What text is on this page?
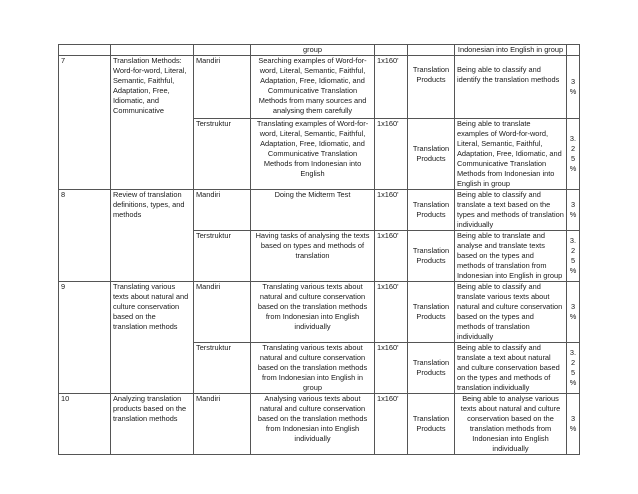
			group			Indonesian into English in group	
7	Translation Methods: Word-for-word, Literal, Semantic, Faithful, Adaptation, Free, Idiomatic, and Communicative	Mandiri	Searching examples of Word-for-word, Literal, Semantic, Faithful, Adaptation, Free, Idiomatic, and Communicative Translation Methods from many sources and analysing them carefully	1x160'	Translation Products	Being able to classify and identify the translation methods	3%
		Terstruktur	Translating examples of Word-for-word, Literal, Semantic, Faithful, Adaptation, Free, Idiomatic, and Communicative Translation Methods from Indonesian into English	1x160'	Translation Products	Being able to translate examples of Word-for-word, Literal, Semantic, Faithful, Adaptation, Free, Idiomatic, and Communicative Translation Methods from Indonesian into English in group	3.25%
8	Review of translation definitions, types, and methods	Mandiri	Doing the Midterm Test	1x160'	Translation Products	Being able to classify and translate a text based on the types and methods of translation individually	3%
		Terstruktur	Having tasks of analysing the texts based on types and methods of translation	1x160'	Translation Products	Being able to translate and analyse and translate texts based on the types and methods of translation from Indonesian into English in group	3.25%
9	Translating various texts about natural and culture conservation based on the translation methods	Mandiri	Translating various texts about natural and culture conservation based on the translation methods from Indonesian into English individually	1x160'	Translation Products	Being able to classify and translate various texts about natural and culture conservation based on the types and methods of translation individually	3%
		Terstruktur	Translating various texts about natural and culture conservation based on the translation methods from Indonesian into English in group	1x160'	Translation Products	Being able to classify and translate a text about natural and culture conservation based on the types and methods of translation individually	3.25%
10	Analyzing translation products based on the translation methods	Mandiri	Analysing various texts about natural and culture conservation based on the translation methods from Indonesian into English individually	1x160'	Translation Products	Being able to analyse various texts about natural and culture conservation based on the translation methods from Indonesian into English individually	3%
